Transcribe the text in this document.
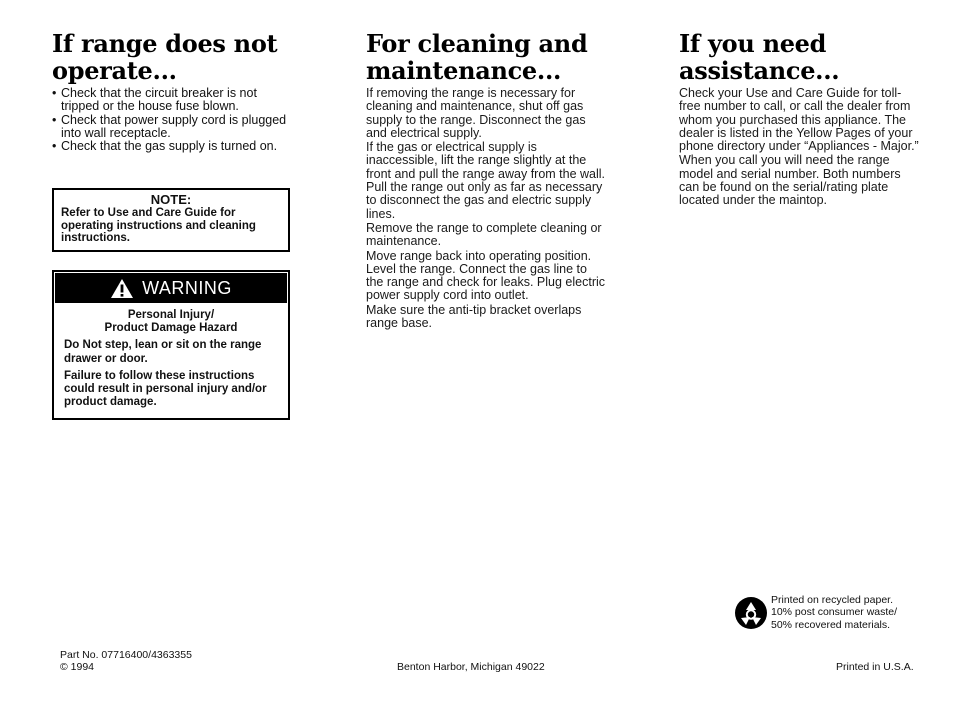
If range does not
operate...
• Check that the circuit breaker is not tripped or the house fuse blown.
• Check that power supply cord is plugged into wall receptacle.
• Check that the gas supply is turned on.
NOTE:
Refer to Use and Care Guide for operating instructions and cleaning instructions.
WARNING
Personal Injury/
Product Damage Hazard
Do Not step, lean or sit on the range drawer or door.
Failure to follow these instructions could result in personal injury and/or product damage.
For cleaning and
maintenance...

If removing the range is necessary for cleaning and maintenance, shut off gas supply to the range. Disconnect the gas and electrical supply.

If the gas or electrical supply is inaccessible, lift the range slightly at the front and pull the range away from the wall. Pull the range out only as far as necessary to disconnect the gas and electric supply lines.

Remove the range to complete cleaning or maintenance.

Move range back into operating position. Level the range. Connect the gas line to the range and check for leaks. Plug electric power supply cord into outlet.

Make sure the anti-tip bracket overlaps range base.

If you need
assistance...

Check your Use and Care Guide for toll-free number to call, or call the dealer from whom you purchased this appliance. The dealer is listed in the Yellow Pages of your phone directory under “Appliances - Major.”

When you call you will need the range model and serial number. Both numbers can be found on the serial/rating plate located under the maintop.

Printed on recycled paper.
10% post consumer waste/
50% recovered materials.
Part No. 07716400/4363355
© 1994	Benton Harbor, Michigan 49022	Printed in U.S.A.
